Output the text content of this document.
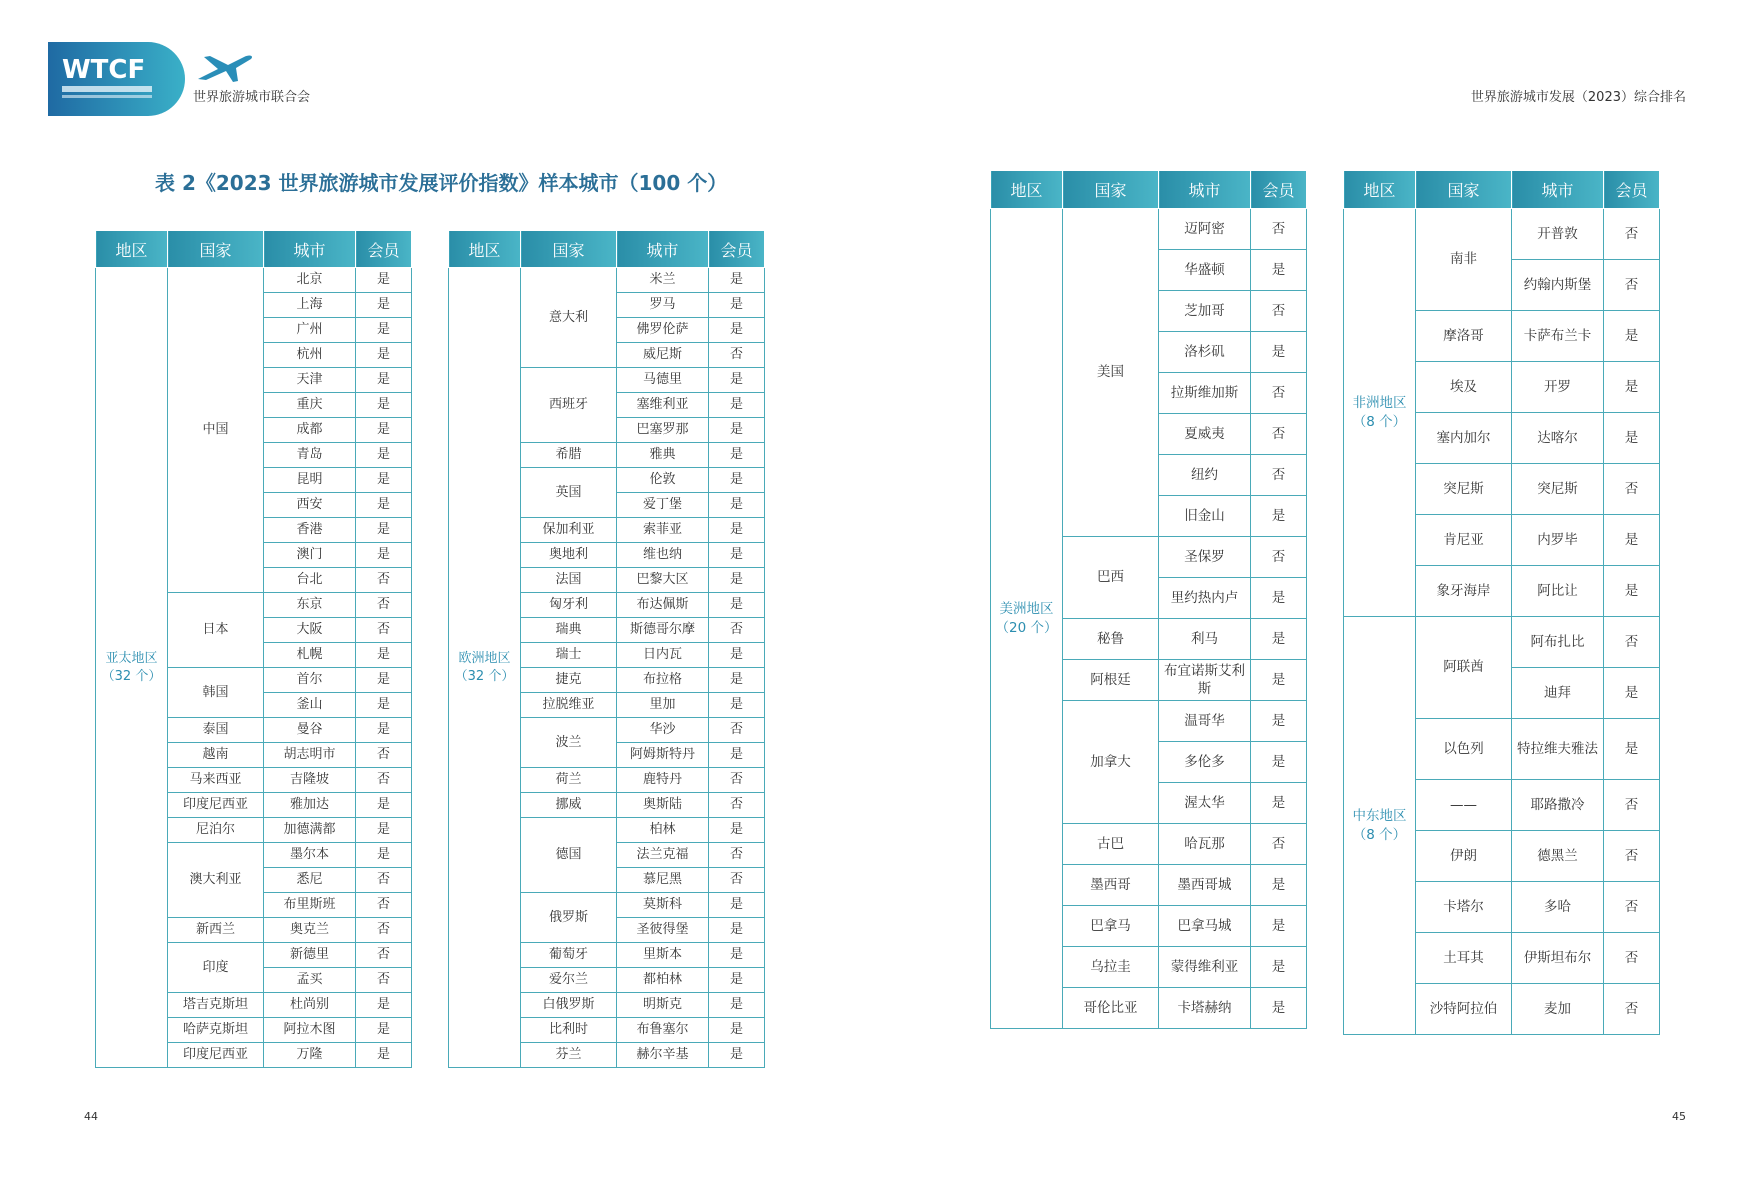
WTCF
世界旅游城市联合会	世界旅游城市发展（2023）综合排名
表 2《2023 世界旅游城市发展评价指数》样本城市（100 个）
地区	国家	城市	会员

亚太地区
（32 个）	中国	北京	是
		上海	是
		广州	是
		杭州	是
		天津	是
		重庆	是
		成都	是
		青岛	是
		昆明	是
		西安	是
		香港	是
		澳门	是
		台北	否
	日本	东京	否
		大阪	否
		札幌	是
	韩国	首尔	是
		釜山	是
	泰国	曼谷	是
	越南	胡志明市	否
	马来西亚	吉隆坡	否
	印度尼西亚	雅加达	是
	尼泊尔	加德满都	是
	澳大利亚	墨尔本	是
		悉尼	否
		布里斯班	否
	新西兰	奥克兰	否
	印度	新德里	否
		孟买	否
	塔吉克斯坦	杜尚别	是
	哈萨克斯坦	阿拉木图	是
	印度尼西亚	万隆	是
地区	国家	城市	会员

欧洲地区
（32 个）	意大利	米兰	是
		罗马	是
		佛罗伦萨	是
		威尼斯	否
	西班牙	马德里	是
		塞维利亚	是
		巴塞罗那	是
	希腊	雅典	是
	英国	伦敦	是
		爱丁堡	是
	保加利亚	索菲亚	是
	奥地利	维也纳	是
	法国	巴黎大区	是
	匈牙利	布达佩斯	是
	瑞典	斯德哥尔摩	否
	瑞士	日内瓦	是
	捷克	布拉格	是
	拉脱维亚	里加	是
	波兰	华沙	否
		阿姆斯特丹	是
	荷兰	鹿特丹	否
	挪威	奥斯陆	否
	德国	柏林	是
		法兰克福	否
		慕尼黑	否
	俄罗斯	莫斯科	是
		圣彼得堡	是
	葡萄牙	里斯本	是
	爱尔兰	都柏林	是
	白俄罗斯	明斯克	是
	比利时	布鲁塞尔	是
	芬兰	赫尔辛基	是
地区	国家	城市	会员

美洲地区
（20 个）	美国	迈阿密	否
		华盛顿	是
		芝加哥	否
		洛杉矶	是
		拉斯维加斯	否
		夏威夷	否
		纽约	否
		旧金山	是
	巴西	圣保罗	否
		里约热内卢	是
	秘鲁	利马	是
	阿根廷	布宜诺斯艾利斯	是
	加拿大	温哥华	是
		多伦多	是
		渥太华	是
	古巴	哈瓦那	否
	墨西哥	墨西哥城	是
	巴拿马	巴拿马城	是
	乌拉圭	蒙得维利亚	是
	哥伦比亚	卡塔赫纳	是
地区	国家	城市	会员

非洲地区
（8 个）	南非	开普敦	否
		约翰内斯堡	否
	摩洛哥	卡萨布兰卡	是
	埃及	开罗	是
	塞内加尔	达喀尔	是
	突尼斯	突尼斯	否
	肯尼亚	内罗毕	是
	象牙海岸	阿比让	是

中东地区
（8 个）	阿联酋	阿布扎比	否
		迪拜	是
	以色列	特拉维夫雅法	是
	——	耶路撒冷	否
	伊朗	德黑兰	否
	卡塔尔	多哈	否
	土耳其	伊斯坦布尔	否
	沙特阿拉伯	麦加	否
44	45
